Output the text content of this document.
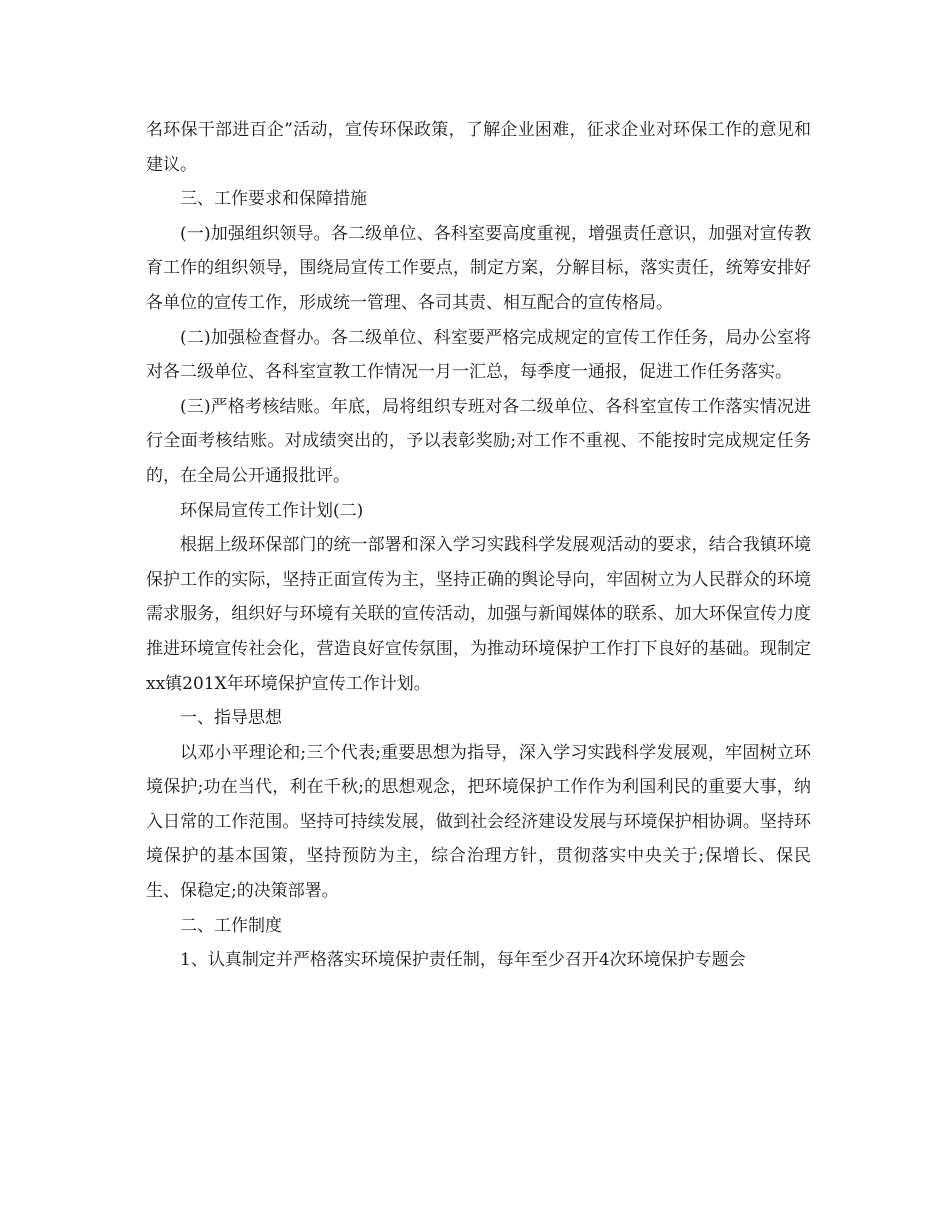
名环保干部进百企”活动，宣传环保政策，了解企业困难，征求企业对环保工作的意见和建议。

三、工作要求和保障措施

(一)加强组织领导。各二级单位、各科室要高度重视，增强责任意识，加强对宣传教育工作的组织领导，围绕局宣传工作要点，制定方案，分解目标，落实责任，统筹安排好各单位的宣传工作，形成统一管理、各司其责、相互配合的宣传格局。

(二)加强检查督办。各二级单位、科室要严格完成规定的宣传工作任务，局办公室将对各二级单位、各科室宣教工作情况一月一汇总，每季度一通报，促进工作任务落实。

(三)严格考核结账。年底，局将组织专班对各二级单位、各科室宣传工作落实情况进行全面考核结账。对成绩突出的，予以表彰奖励;对工作不重视、不能按时完成规定任务的，在全局公开通报批评。

环保局宣传工作计划(二)

根据上级环保部门的统一部署和深入学习实践科学发展观活动的要求，结合我镇环境保护工作的实际，坚持正面宣传为主，坚持正确的舆论导向，牢固树立为人民群众的环境需求服务，组织好与环境有关联的宣传活动，加强与新闻媒体的联系、加大环保宣传力度推进环境宣传社会化，营造良好宣传氛围，为推动环境保护工作打下良好的基础。现制定xx镇201X年环境保护宣传工作计划。

一、指导思想

以邓小平理论和;三个代表;重要思想为指导，深入学习实践科学发展观，牢固树立环境保护;功在当代，利在千秋;的思想观念，把环境保护工作作为利国利民的重要大事，纳入日常的工作范围。坚持可持续发展，做到社会经济建设发展与环境保护相协调。坚持环境保护的基本国策，坚持预防为主，综合治理方针，贯彻落实中央关于;保增长、保民生、保稳定;的决策部署。

二、工作制度

1、认真制定并严格落实环境保护责任制，每年至少召开4次环境保护专题会
